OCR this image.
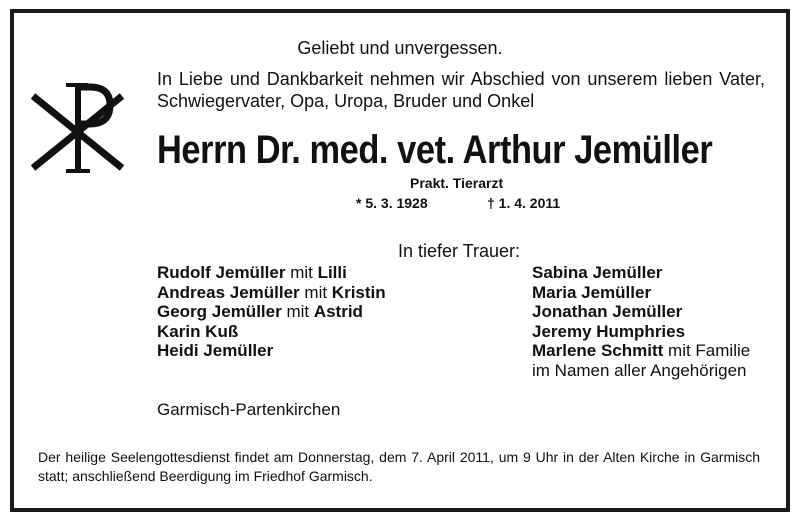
Geliebt und unvergessen.
In Liebe und Dankbarkeit nehmen wir Abschied von unserem lieben Vater, Schwiegervater, Opa, Uropa, Bruder und Onkel
Herrn Dr. med. vet. Arthur Jemüller
Prakt. Tierarzt
* 5. 3. 1928	† 1. 4. 2011
In tiefer Trauer:
Rudolf Jemüller mit Lilli
Andreas Jemüller mit Kristin
Georg Jemüller mit Astrid
Karin Kuß
Heidi Jemüller
Sabina Jemüller
Maria Jemüller
Jonathan Jemüller
Jeremy Humphries
Marlene Schmitt mit Familie
im Namen aller Angehörigen
Garmisch-Partenkirchen
Der heilige Seelengottesdienst findet am Donnerstag, dem 7. April 2011, um 9 Uhr in der Alten Kirche in Garmisch statt; anschließend Beerdigung im Friedhof Garmisch.
